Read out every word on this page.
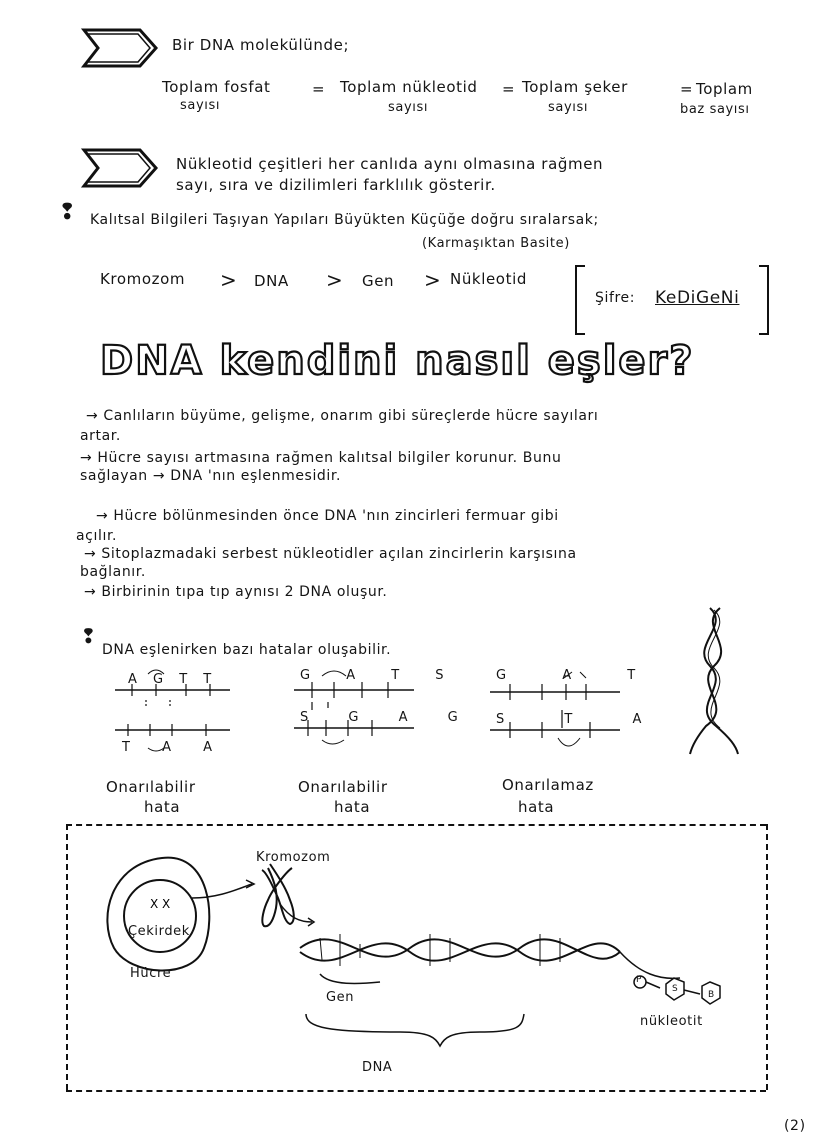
Bir DNA molekülünde;
Toplam fosfat
sayısı
= Toplam nükleotid
sayısı
= Toplam şeker
sayısı
= Toplam
baz sayısı
Nükleotid çeşitleri her canlıda aynı olmasına rağmen
sayı, sıra ve dizilimleri farklılık gösterir.
❢ Kalıtsal Bilgileri Taşıyan Yapıları Büyükten Küçüğe doğru sıralarsak;
(Karmaşıktan Basite)
Kromozom > DNA > Gen > Nükleotid
Şifre: KeDiGeNi
DNA kendini nasıl eşler?
→ Canlıların büyüme, gelişme, onarım gibi süreçlerde hücre sayıları
artar.
→ Hücre sayısı artmasına rağmen kalıtsal bilgiler korunur. Bunu
sağlayan → DNA 'nın eşlenmesidir.
→ Hücre bölünmesinden önce DNA 'nın zincirleri fermuar gibi
açılır.
→ Sitoplazmadaki serbest nükleotidler açılan zincirlerin karşısına
bağlanır.
→ Birbirinin tıpa tıp aynısı 2 DNA oluşur.
❢
DNA eşlenirken bazı hatalar oluşabilir.
A G T T
T A A
Onarılabilir
hata
G A T S
S G A G
Onarılabilir
hata
G A T
S T A
Onarılamaz
hata
X X
Kromozom
Çekirdek
Hücre
Gen
DNA
nükleotit
P
S
B
(2)
